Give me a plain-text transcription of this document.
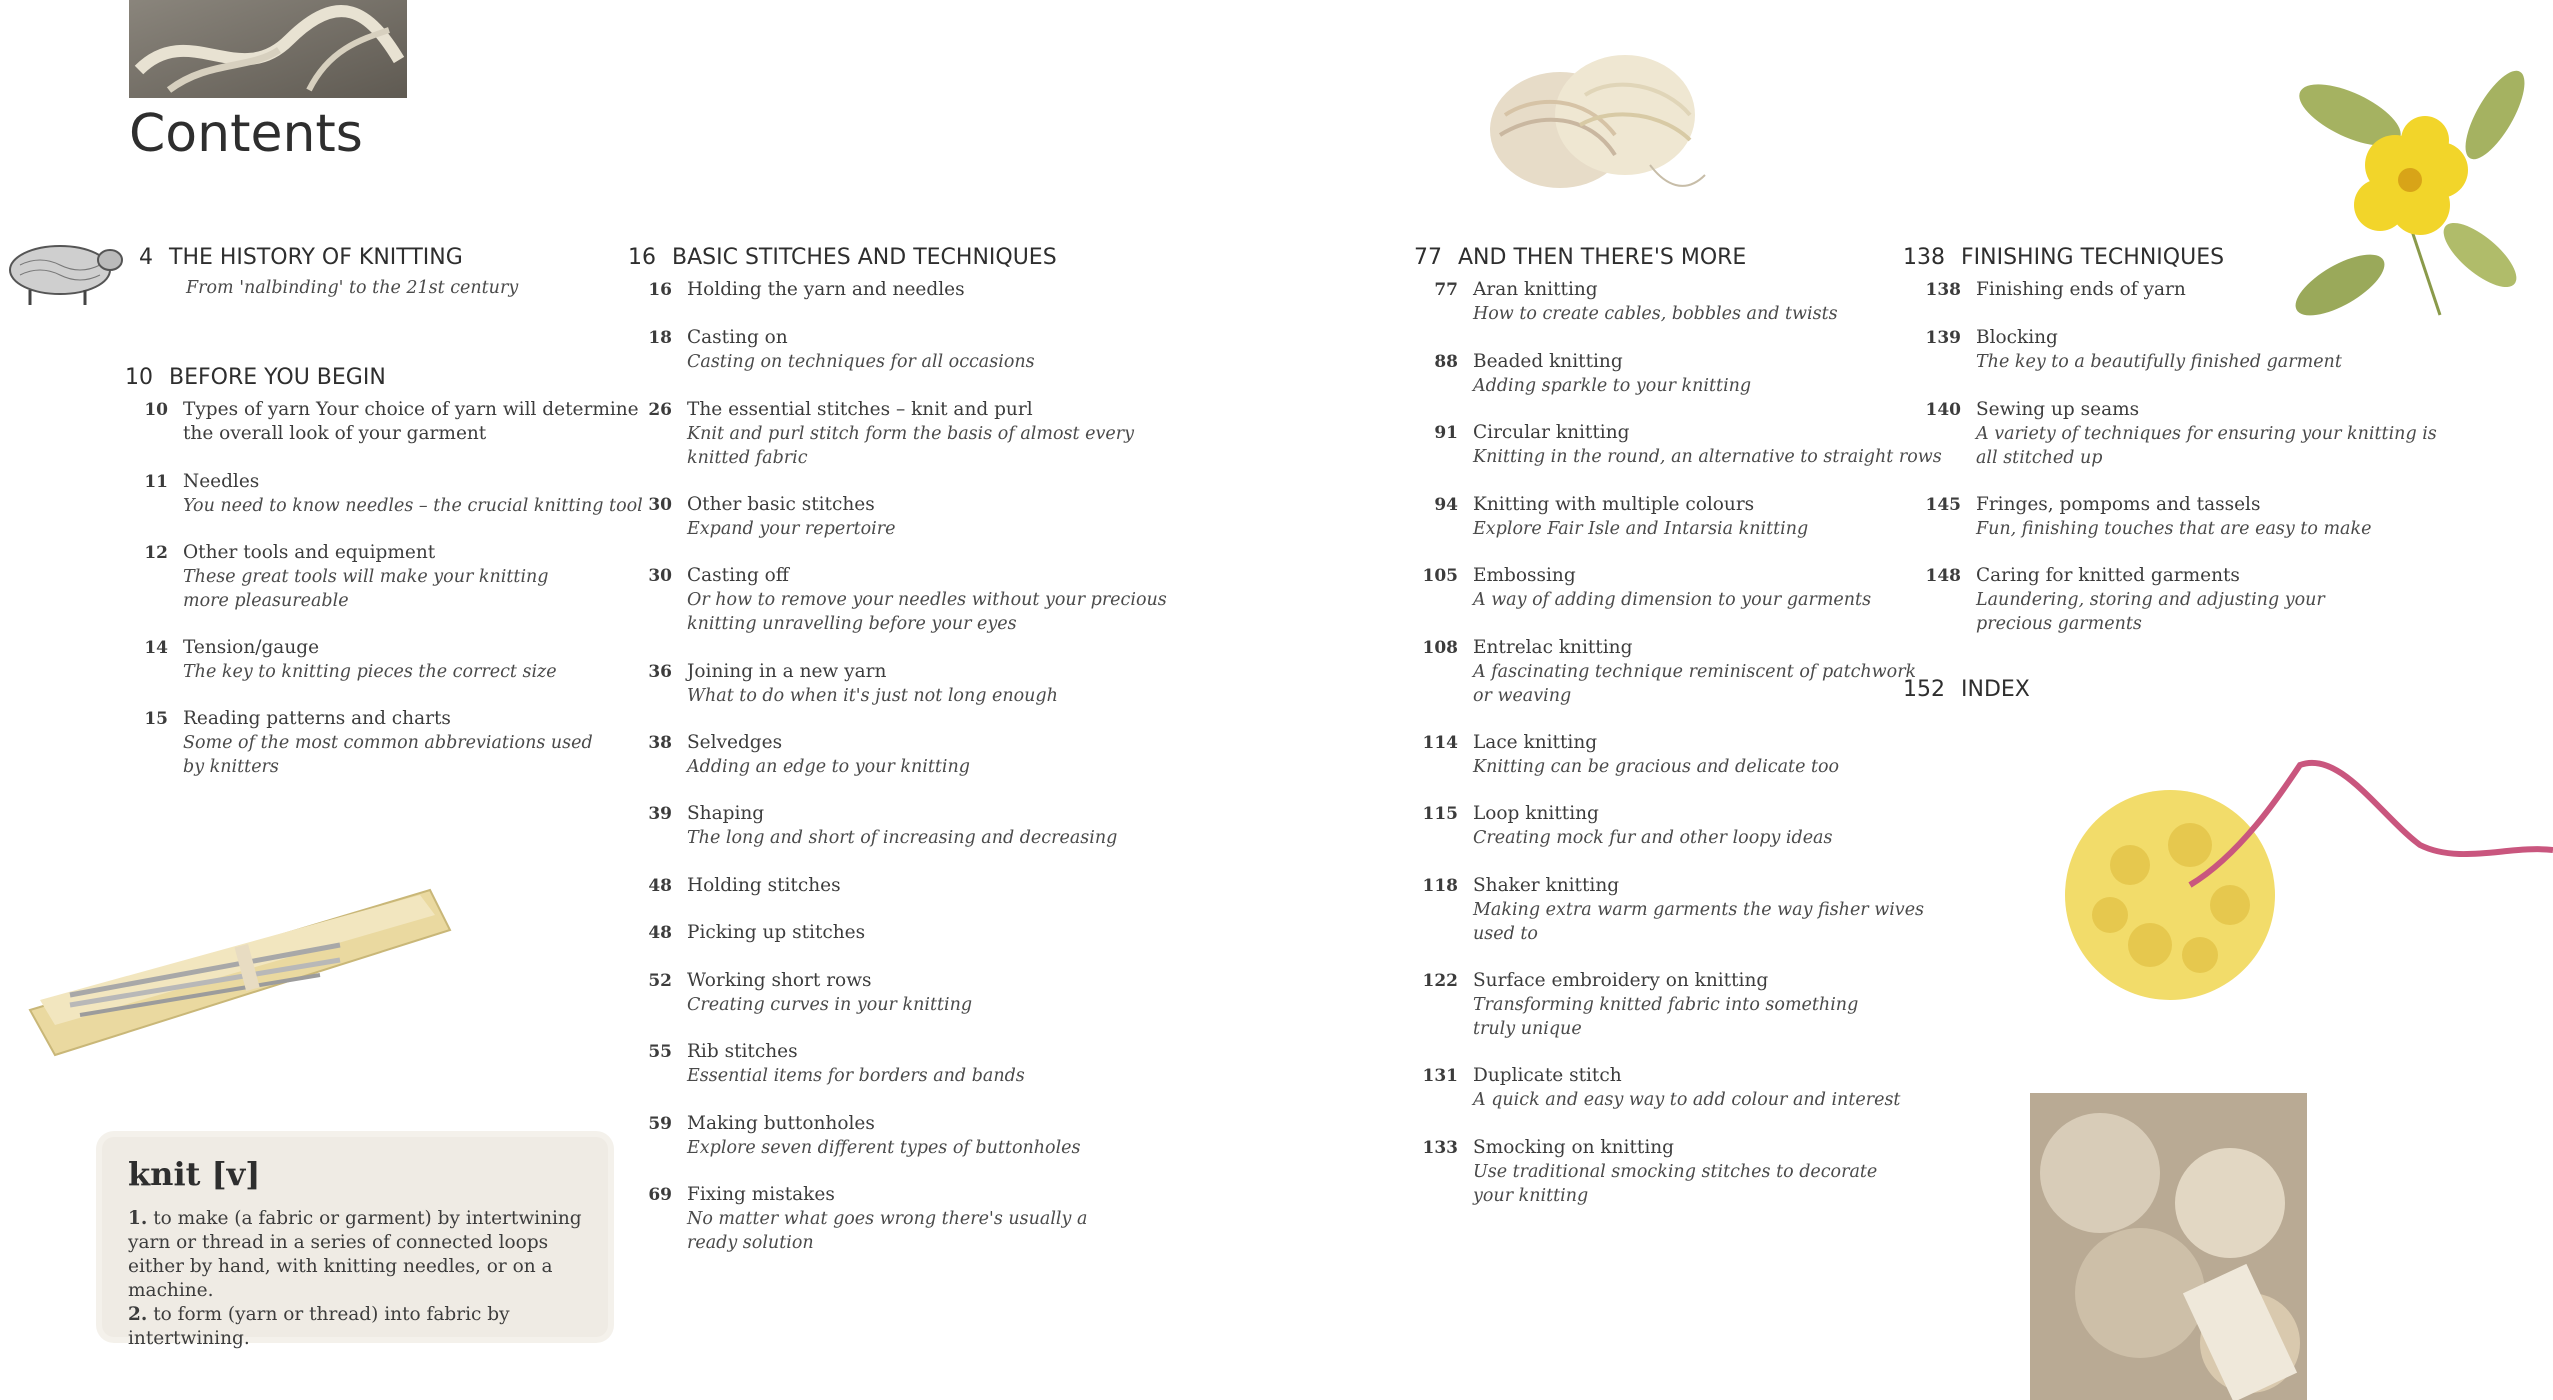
Contents
4 THE HISTORY OF KNITTING
From 'nalbinding' to the 21st century
10 BEFORE YOU BEGIN
10 Types of yarn Your choice of yarn will determine
the overall look of your garment
11 Needles
You need to know needles – the crucial knitting tool
12 Other tools and equipment
These great tools will make your knitting
more pleasureable
14 Tension/gauge
The key to knitting pieces the correct size
15 Reading patterns and charts
Some of the most common abbreviations used
by knitters
knit [v]
1. to make (a fabric or garment) by intertwining yarn or thread in a series of connected loops either by hand, with knitting needles, or on a machine.
2. to form (yarn or thread) into fabric by intertwining.
16 BASIC STITCHES AND TECHNIQUES
16 Holding the yarn and needles
18 Casting on
Casting on techniques for all occasions
26 The essential stitches – knit and purl
Knit and purl stitch form the basis of almost every
knitted fabric
30 Other basic stitches
Expand your repertoire
30 Casting off
Or how to remove your needles without your precious
knitting unravelling before your eyes
36 Joining in a new yarn
What to do when it's just not long enough
38 Selvedges
Adding an edge to your knitting
39 Shaping
The long and short of increasing and decreasing
48 Holding stitches
48 Picking up stitches
52 Working short rows
Creating curves in your knitting
55 Rib stitches
Essential items for borders and bands
59 Making buttonholes
Explore seven different types of buttonholes
69 Fixing mistakes
No matter what goes wrong there's usually a
ready solution
77 AND THEN THERE'S MORE
77 Aran knitting
How to create cables, bobbles and twists
88 Beaded knitting
Adding sparkle to your knitting
91 Circular knitting
Knitting in the round, an alternative to straight rows
94 Knitting with multiple colours
Explore Fair Isle and Intarsia knitting
105 Embossing
A way of adding dimension to your garments
108 Entrelac knitting
A fascinating technique reminiscent of patchwork
or weaving
114 Lace knitting
Knitting can be gracious and delicate too
115 Loop knitting
Creating mock fur and other loopy ideas
118 Shaker knitting
Making extra warm garments the way fisher wives
used to
122 Surface embroidery on knitting
Transforming knitted fabric into something
truly unique
131 Duplicate stitch
A quick and easy way to add colour and interest
133 Smocking on knitting
Use traditional smocking stitches to decorate
your knitting
138 FINISHING TECHNIQUES
138 Finishing ends of yarn
139 Blocking
The key to a beautifully finished garment
140 Sewing up seams
A variety of techniques for ensuring your knitting is
all stitched up
145 Fringes, pompoms and tassels
Fun, finishing touches that are easy to make
148 Caring for knitted garments
Laundering, storing and adjusting your
precious garments
152 INDEX
